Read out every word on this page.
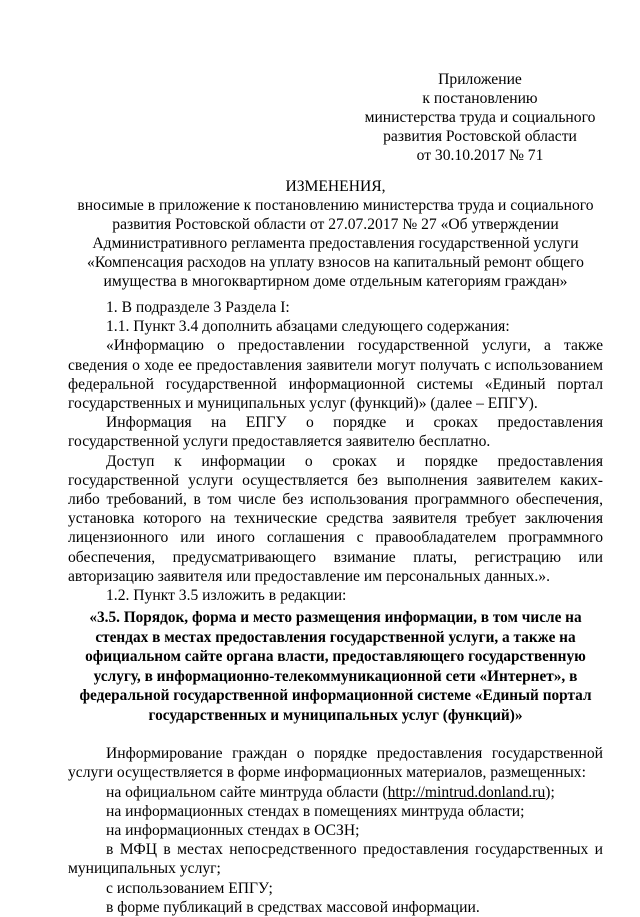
Приложение
к постановлению
министерства труда и социального
развития Ростовской области
от 30.10.2017 № 71
ИЗМЕНЕНИЯ,
вносимые в приложение к постановлению министерства труда и социального
развития Ростовской области от 27.07.2017 № 27 «Об утверждении
Административного регламента предоставления государственной услуги
«Компенсация расходов на уплату взносов на капитальный ремонт общего
имущества в многоквартирном доме отдельным категориям граждан»

1. В подразделе 3 Раздела I:

1.1. Пункт 3.4 дополнить абзацами следующего содержания:

«Информацию о предоставлении государственной услуги, а также сведения о ходе ее предоставления заявители могут получать с использованием федеральной государственной информационной системы «Единый портал государственных и муниципальных услуг (функций)» (далее – ЕПГУ).

Информация на ЕПГУ о порядке и сроках предоставления государственной услуги предоставляется заявителю бесплатно.

Доступ к информации о сроках и порядке предоставления государственной услуги осуществляется без выполнения заявителем каких-либо требований, в том числе без использования программного обеспечения, установка которого на технические средства заявителя требует заключения лицензионного или иного соглашения с правообладателем программного обеспечения, предусматривающего взимание платы, регистрацию или авторизацию заявителя или предоставление им персональных данных.».

1.2. Пункт 3.5 изложить в редакции:

«3.5. Порядок, форма и место размещения информации, в том числе на
стендах в местах предоставления государственной услуги, а также на
официальном сайте органа власти, предоставляющего государственную
услугу, в информационно-телекоммуникационной сети «Интернет», в
федеральной государственной информационной системе «Единый портал
государственных и муниципальных услуг (функций)»

Информирование граждан о порядке предоставления государственной услуги осуществляется в форме информационных материалов, размещенных:

на официальном сайте минтруда области (http://mintrud.donland.ru);

на информационных стендах в помещениях минтруда области;

на информационных стендах в ОСЗН;

в МФЦ в местах непосредственного предоставления государственных и муниципальных услуг;

с использованием ЕПГУ;

в форме публикаций в средствах массовой информации.
